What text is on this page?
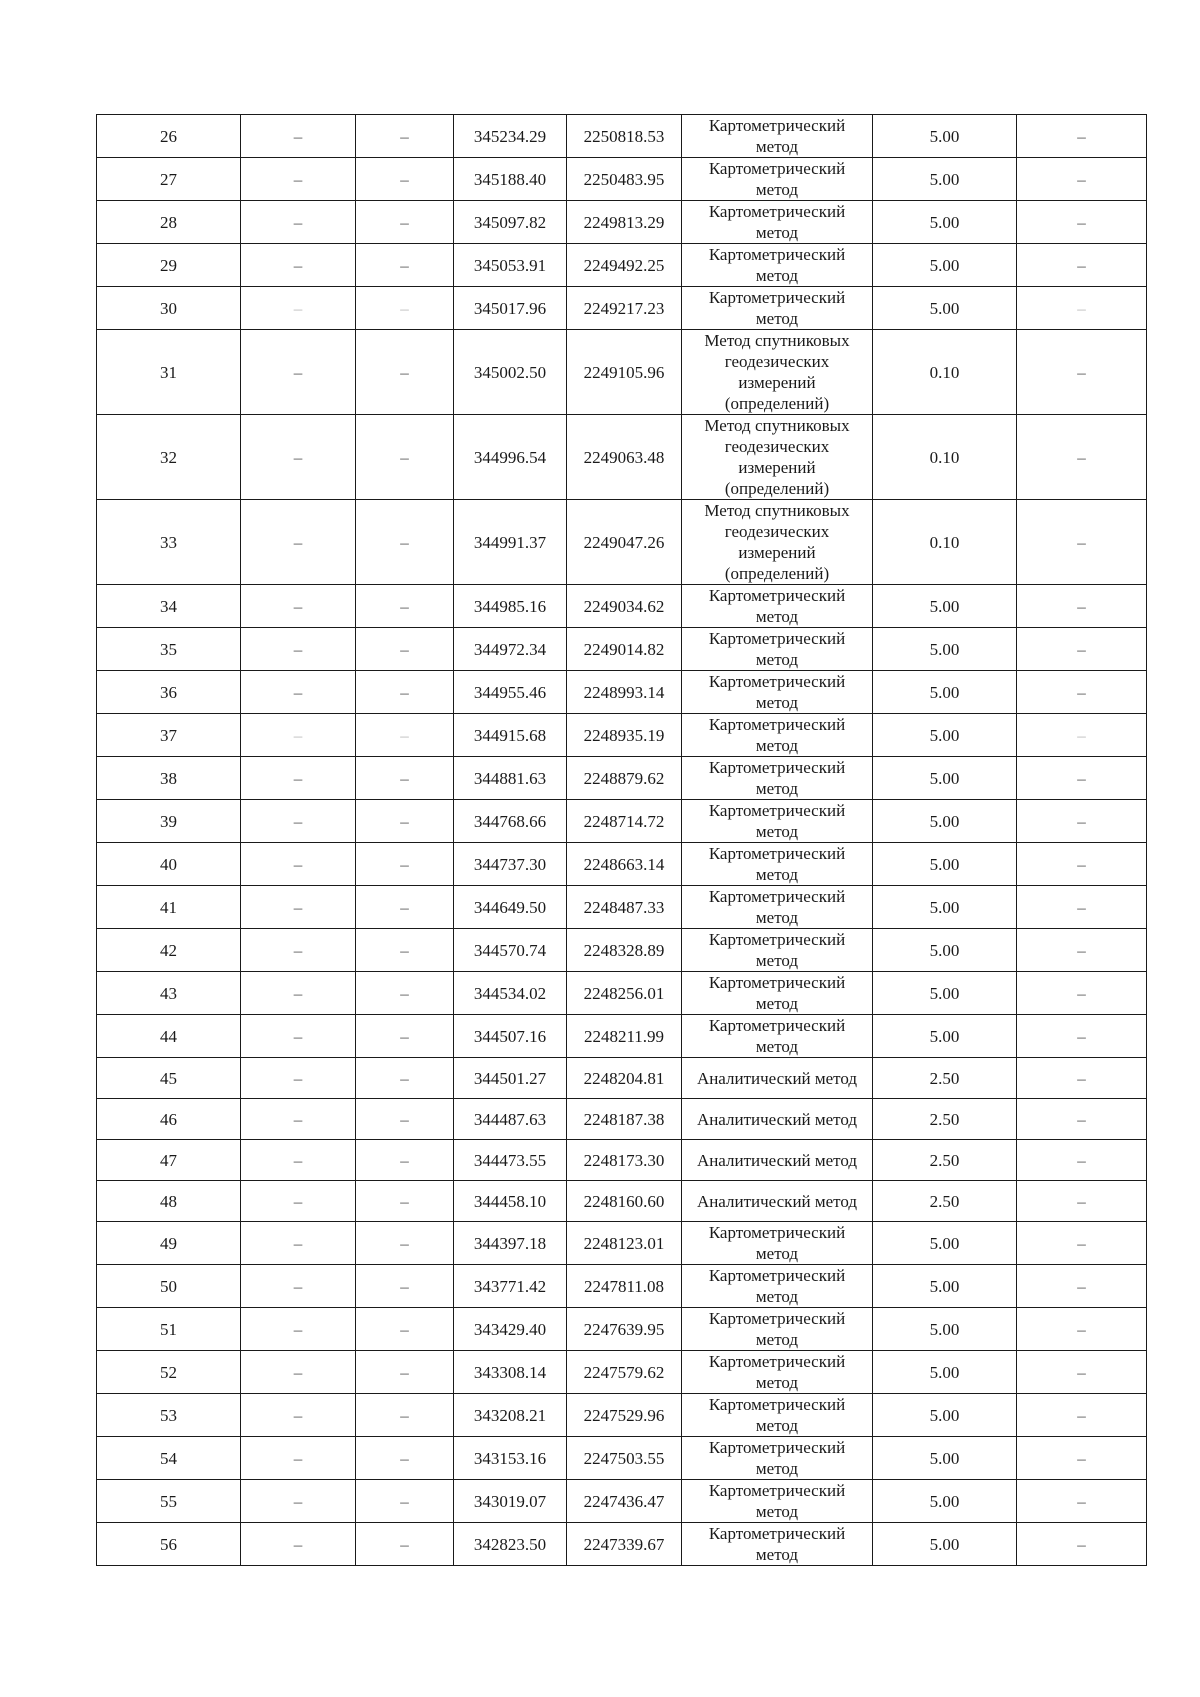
26	–	–	345234.29	2250818.53	Картометрический метод	5.00	–
27	–	–	345188.40	2250483.95	Картометрический метод	5.00	–
28	–	–	345097.82	2249813.29	Картометрический метод	5.00	–
29	–	–	345053.91	2249492.25	Картометрический метод	5.00	–
30	–	–	345017.96	2249217.23	Картометрический метод	5.00	–
31	–	–	345002.50	2249105.96	Метод спутниковых геодезических измерений (определений)	0.10	–
32	–	–	344996.54	2249063.48	Метод спутниковых геодезических измерений (определений)	0.10	–
33	–	–	344991.37	2249047.26	Метод спутниковых геодезических измерений (определений)	0.10	–
34	–	–	344985.16	2249034.62	Картометрический метод	5.00	–
35	–	–	344972.34	2249014.82	Картометрический метод	5.00	–
36	–	–	344955.46	2248993.14	Картометрический метод	5.00	–
37	–	–	344915.68	2248935.19	Картометрический метод	5.00	–
38	–	–	344881.63	2248879.62	Картометрический метод	5.00	–
39	–	–	344768.66	2248714.72	Картометрический метод	5.00	–
40	–	–	344737.30	2248663.14	Картометрический метод	5.00	–
41	–	–	344649.50	2248487.33	Картометрический метод	5.00	–
42	–	–	344570.74	2248328.89	Картометрический метод	5.00	–
43	–	–	344534.02	2248256.01	Картометрический метод	5.00	–
44	–	–	344507.16	2248211.99	Картометрический метод	5.00	–
45	–	–	344501.27	2248204.81	Аналитический метод	2.50	–
46	–	–	344487.63	2248187.38	Аналитический метод	2.50	–
47	–	–	344473.55	2248173.30	Аналитический метод	2.50	–
48	–	–	344458.10	2248160.60	Аналитический метод	2.50	–
49	–	–	344397.18	2248123.01	Картометрический метод	5.00	–
50	–	–	343771.42	2247811.08	Картометрический метод	5.00	–
51	–	–	343429.40	2247639.95	Картометрический метод	5.00	–
52	–	–	343308.14	2247579.62	Картометрический метод	5.00	–
53	–	–	343208.21	2247529.96	Картометрический метод	5.00	–
54	–	–	343153.16	2247503.55	Картометрический метод	5.00	–
55	–	–	343019.07	2247436.47	Картометрический метод	5.00	–
56	–	–	342823.50	2247339.67	Картометрический метод	5.00	–
